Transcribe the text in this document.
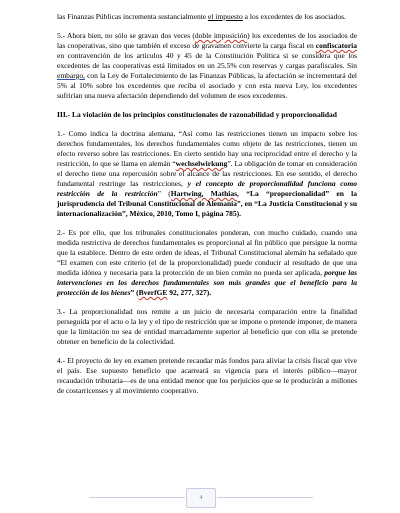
las Finanzas Públicas incrementa sustancialmente el impuesto a los excedentes de los asociados.

5.- Ahora bien, no sólo se gravan dos veces (doble imposición) los excedentes de los asociados de las cooperativas, sino que también el exceso de gravamen convierte la carga fiscal en confiscatoria en contravención de los artículos 40 y 45 de la Constitución Política si se considera que los excedentes de las cooperativas está limitados en un 25.5% con reservas y cargas parafiscales. Sin embargo, con la Ley de Fortalecimiento de las Finanzas Públicas, la afectación se incrementará del 5% al 10% sobre los excedentes que reciba el asociado y con esta nueva Ley, los excedentes sufrirían una nueva afectación dependiendo del volumen de esos excedentes.

III.- La violación de los principios constitucionales de razonabilidad y proporcionalidad

1.- Como indica la doctrina alemana, “Así como las restricciones tienen un impacto sobre los derechos fundamentales, los derechos fundamentales como objeto de las restricciones, tienen un efecto reverso sobre las restricciones. En cierto sentido hay una reciprocidad entre el derecho y la restricción, lo que se llama en alemán “wechselwirkung”. La obligación de tomar en consideración el derecho tiene una repercusión sobre el alcance de las restricciones. En ese sentido, el derecho fundamental restringe las restricciones, y el concepto de proporcionalidad funciona como restricción de la restricción” (Hartwing, Mathias, “La “proporcionalidad” en la jurisprudencia del Tribunal Constitucional de Alemania”, en “La Justicia Constitucional y su internacionalización”, México, 2010, Tomo I, página 785).

2.- Es por ello, que los tribunales constitucionales ponderan, con mucho cuidado, cuando una medida restrictiva de derechos fundamentales es proporcional al fin público que persigue la norma que la establece. Dentro de este orden de ideas, el Tribunal Constitucional alemán ha señalado que “El examen con este criterio (el de la proporcionalidad) puede conducir al resultado de que una medida idónea y necesaria para la protección de un bien común no pueda ser aplicada, porque las intervenciones en los derechos fundamentales son más grandes que el beneficio para la protección de los bienes” (BverfGE 92, 277, 327).

3.- La proporcionalidad nos remite a un juicio de necesaria comparación entre la finalidad perseguida por el acto o la ley y el tipo de restricción que se impone o pretende imponer, de manera que la limitación no sea de entidad marcadamente superior al beneficio que con ella se pretende obtener en beneficio de la colectividad.

4.- El proyecto de ley en examen pretende recaudar más fondos para aliviar la crisis fiscal que vive el país. Ese supuesto beneficio que acarreará su vigencia para el interés público—mayor recaudación tributaria—es de una entidad menor que los perjuicios que se le producirán a millones de costarricenses y al movimiento cooperativo.

4
